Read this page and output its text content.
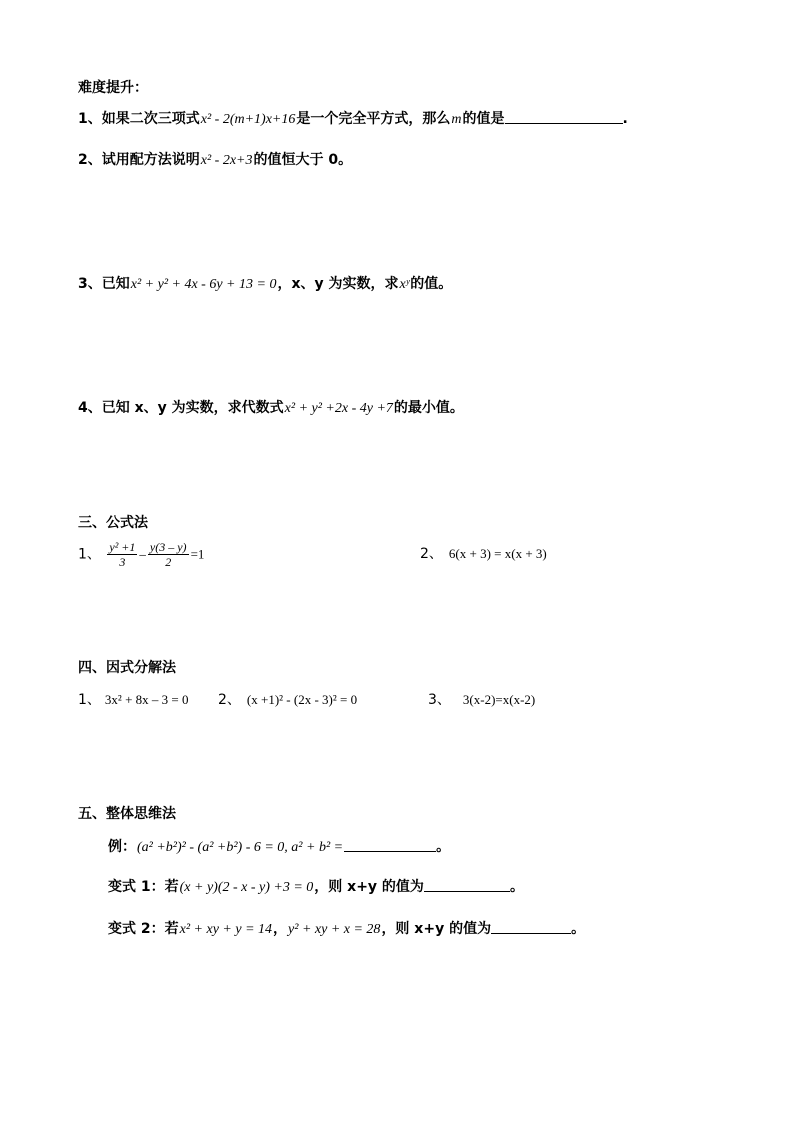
难度提升：
1、如果二次三项式x² - 2(m+1)x+16是一个完全平方式，那么m的值是	.
2、试用配方法说明x² - 2x+3的值恒大于 0。
3、已知x² + y² + 4x - 6y + 13 = 0，x、y 为实数，求xʸ的值。
4、已知 x、y 为实数，求代数式x² + y² +2x - 4y +7的最小值。
三、公式法
1、 $\frac{\text{y² +1}}{3} - \frac{y(3 - y)}{2} =1$	2、 6(x + 3) = x(x + 3)
四、因式分解法
1、 3x² + 8x – 3 = 0 2、 (x +1)² - (2x - 3)² = 0	3、 3(x-2)=x(x-2)
五、整体思维法
例：(a² +b²)² - (a² +b²) - 6 = 0, a² + b² =	。
变式 1：若(x + y)(2 - x - y) +3 = 0，则 x+y 的值为	。
变式 2：若x² + xy + y = 14，y² + xy + x = 28，则 x+y 的值为	。
